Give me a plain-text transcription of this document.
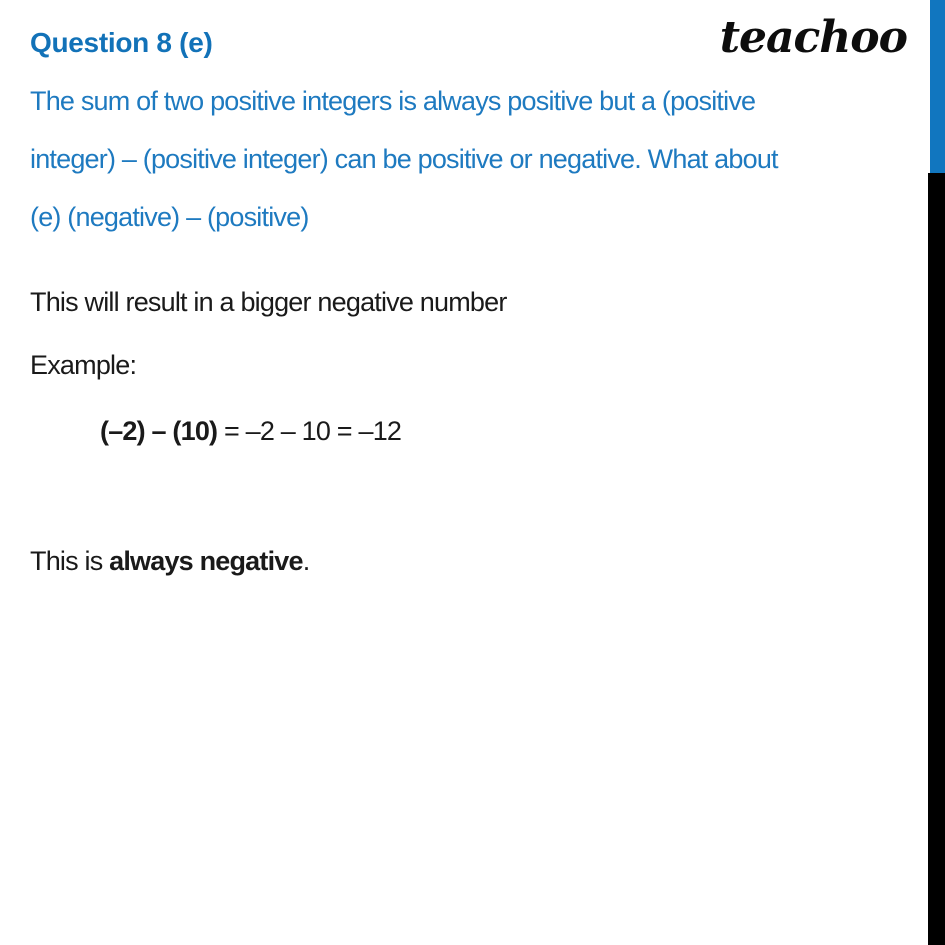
Question 8 (e)	teachoo
The sum of two positive integers is always positive but a (positive
integer) – (positive integer) can be positive or negative. What about
(e) (negative) – (positive)
This will result in a bigger negative number
Example:
(–2) – (10) = –2 – 10 = –12
This is always negative.
